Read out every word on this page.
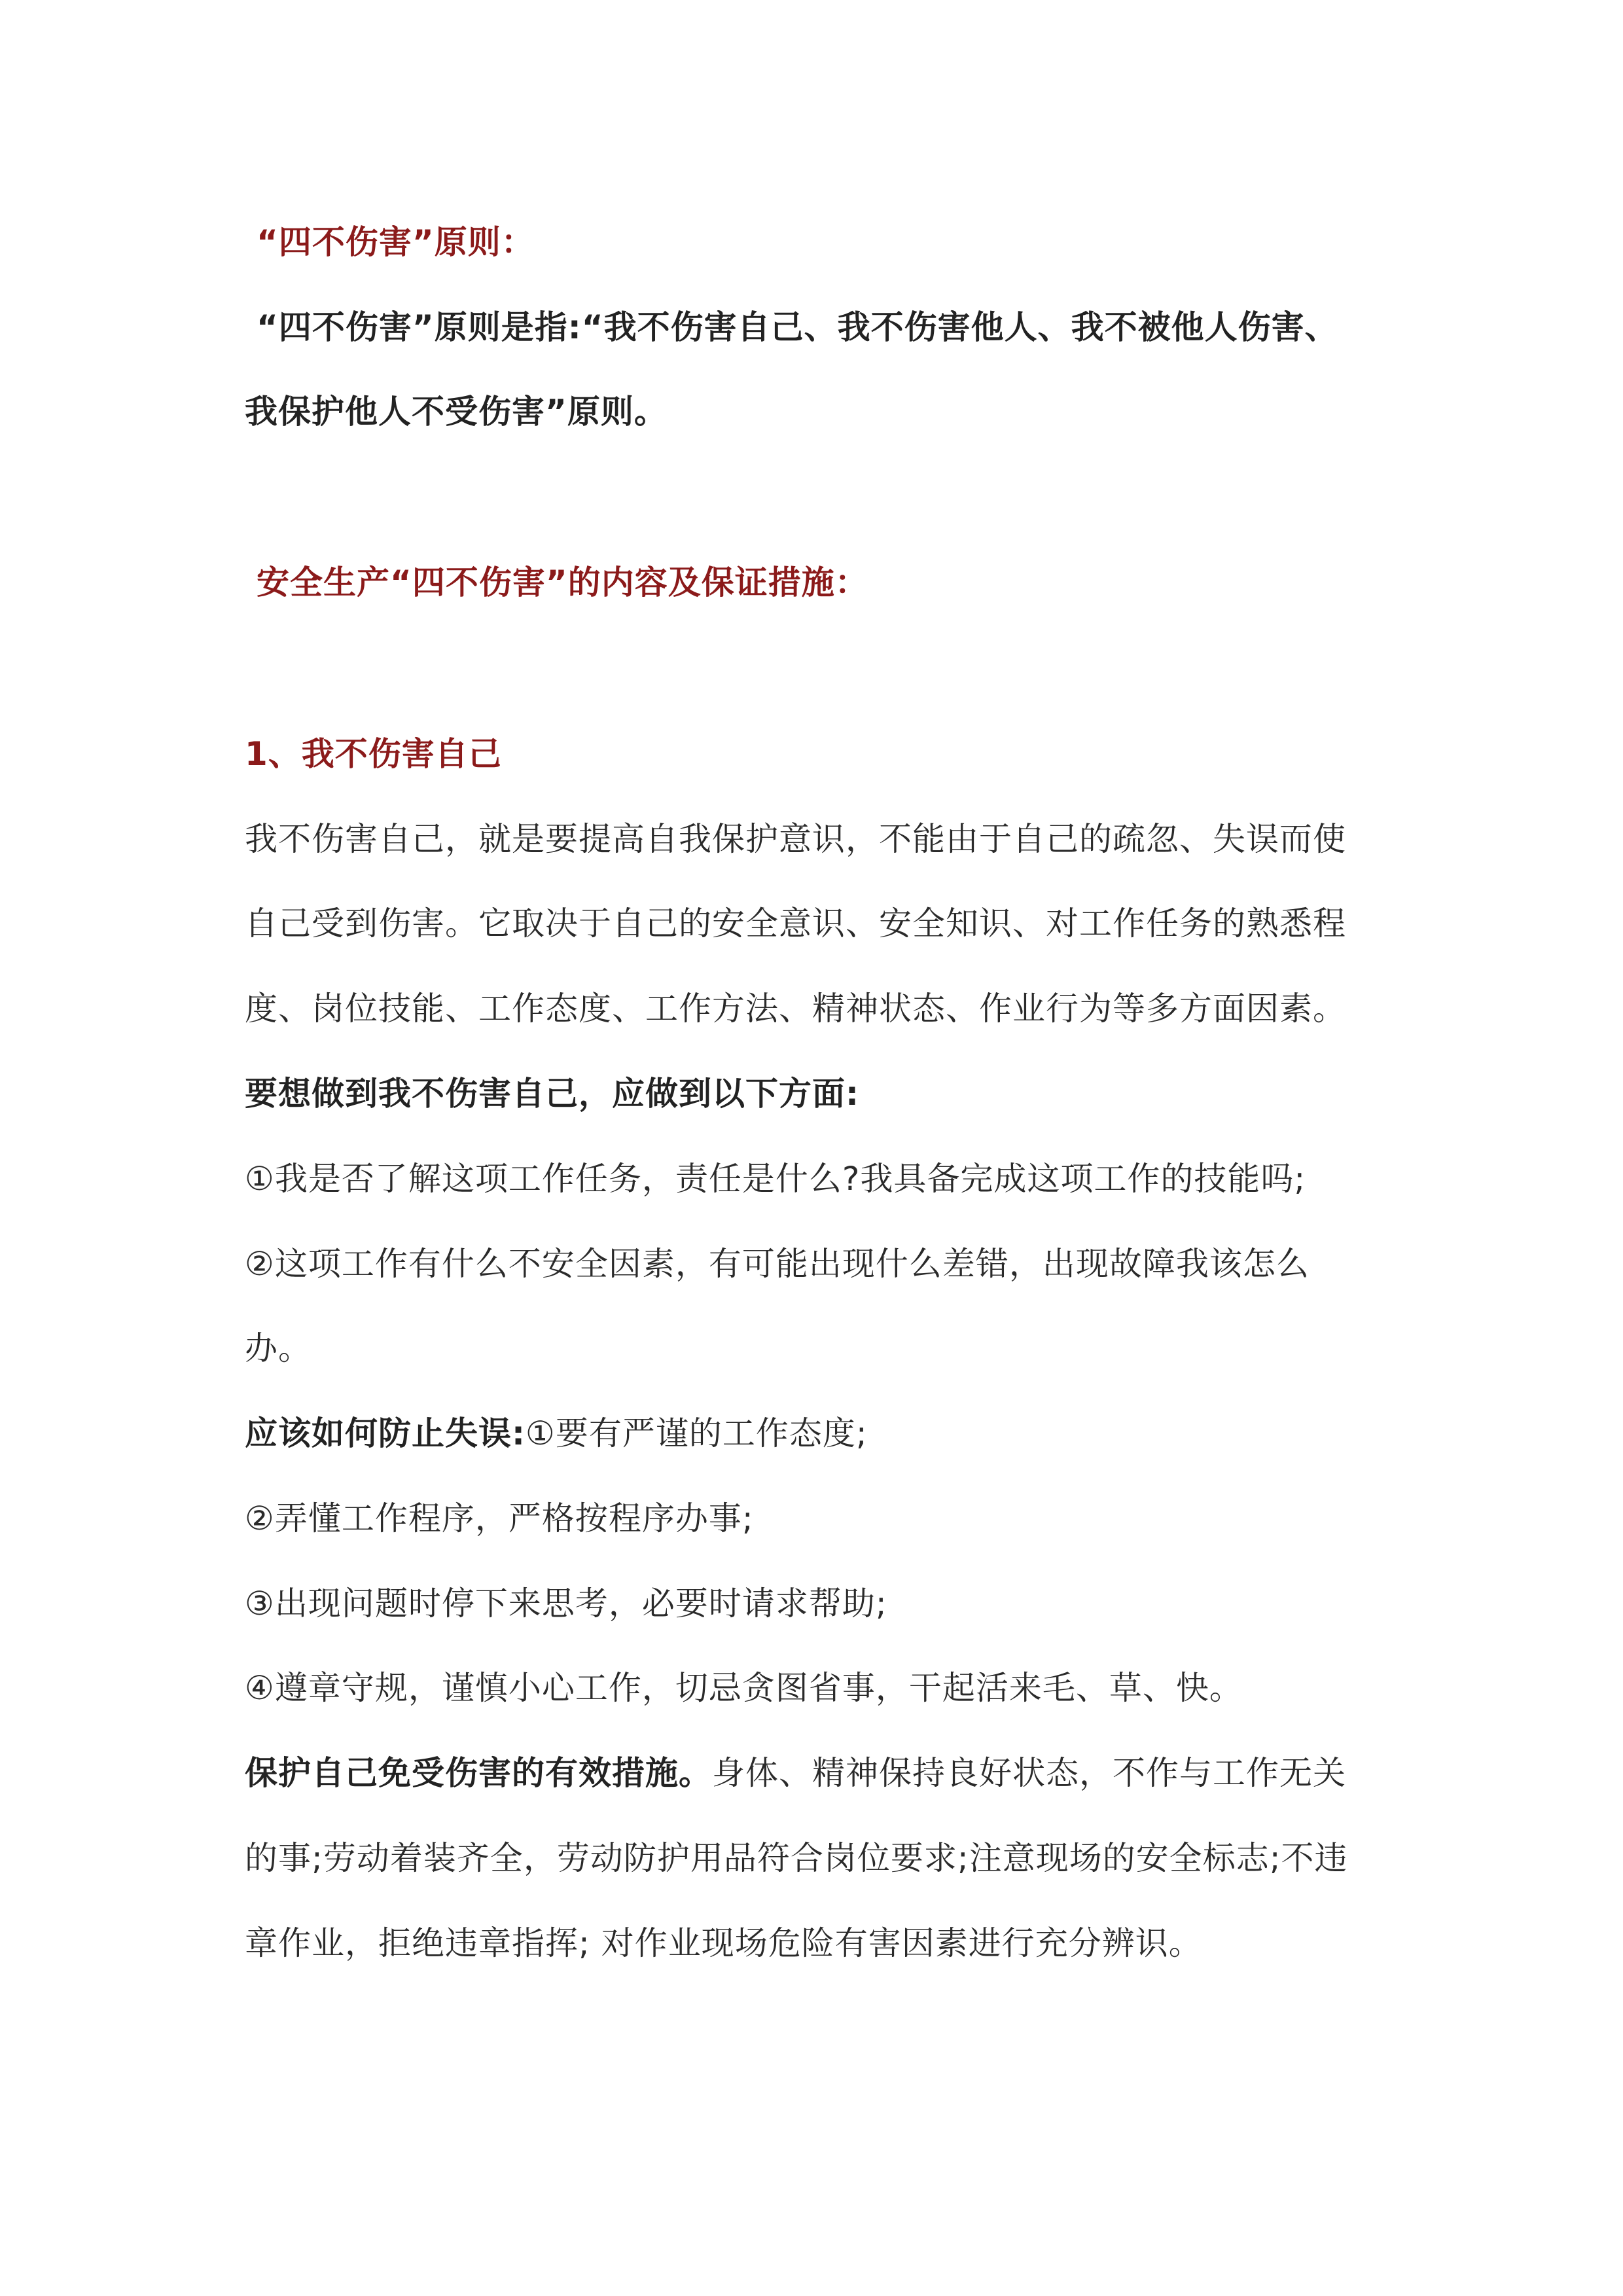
“四不伤害”原则：
“四不伤害”原则是指:“我不伤害自己、我不伤害他人、我不被他人伤害、
我保护他人不受伤害”原则。
安全生产“四不伤害”的内容及保证措施：
1、我不伤害自己
我不伤害自己，就是要提高自我保护意识，不能由于自己的疏忽、失误而使
自己受到伤害。它取决于自己的安全意识、安全知识、对工作任务的熟悉程
度、岗位技能、工作态度、工作方法、精神状态、作业行为等多方面因素。
要想做到我不伤害自己，应做到以下方面:
①我是否了解这项工作任务，责任是什么?我具备完成这项工作的技能吗;
②这项工作有什么不安全因素，有可能出现什么差错，出现故障我该怎么
办。
应该如何防止失误:①要有严谨的工作态度;
②弄懂工作程序，严格按程序办事;
③出现问题时停下来思考，必要时请求帮助;
④遵章守规，谨慎小心工作，切忌贪图省事，干起活来毛、草、快。
保护自己免受伤害的有效措施。身体、精神保持良好状态，不作与工作无关
的事;劳动着装齐全，劳动防护用品符合岗位要求;注意现场的安全标志;不违
章作业，拒绝违章指挥; 对作业现场危险有害因素进行充分辨识。
